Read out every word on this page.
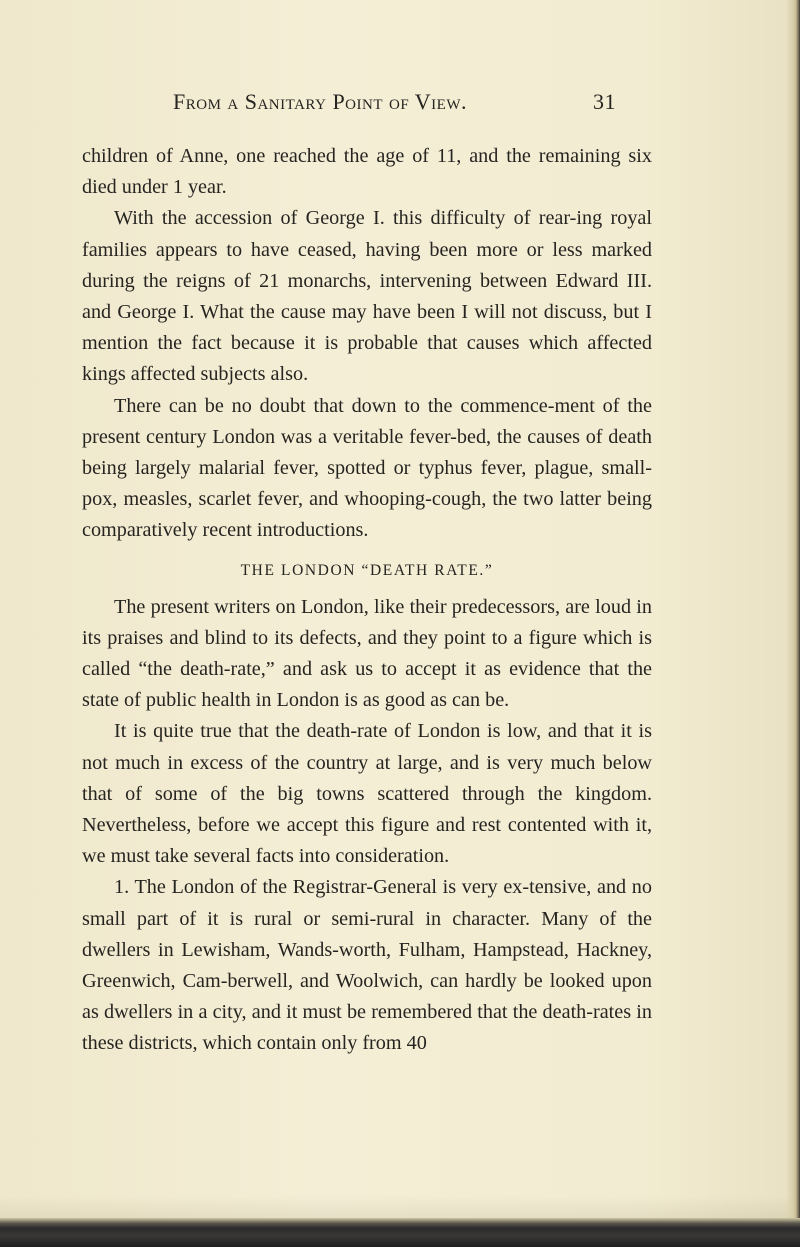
From a Sanitary Point of View.	31

children of Anne, one reached the age of 11, and the remaining six died under 1 year.

With the accession of George I. this difficulty of rear-ing royal families appears to have ceased, having been more or less marked during the reigns of 21 monarchs, intervening between Edward III. and George I. What the cause may have been I will not discuss, but I mention the fact because it is probable that causes which affected kings affected subjects also.

There can be no doubt that down to the commence-ment of the present century London was a veritable fever-bed, the causes of death being largely malarial fever, spotted or typhus fever, plague, small-pox, measles, scarlet fever, and whooping-cough, the two latter being comparatively recent introductions.

THE LONDON “DEATH RATE.”

The present writers on London, like their predecessors, are loud in its praises and blind to its defects, and they point to a figure which is called “the death-rate,” and ask us to accept it as evidence that the state of public health in London is as good as can be.

It is quite true that the death-rate of London is low, and that it is not much in excess of the country at large, and is very much below that of some of the big towns scattered through the kingdom. Nevertheless, before we accept this figure and rest contented with it, we must take several facts into consideration.

1. The London of the Registrar-General is very ex-tensive, and no small part of it is rural or semi-rural in character. Many of the dwellers in Lewisham, Wands-worth, Fulham, Hampstead, Hackney, Greenwich, Cam-berwell, and Woolwich, can hardly be looked upon as dwellers in a city, and it must be remembered that the death-rates in these districts, which contain only from 40
